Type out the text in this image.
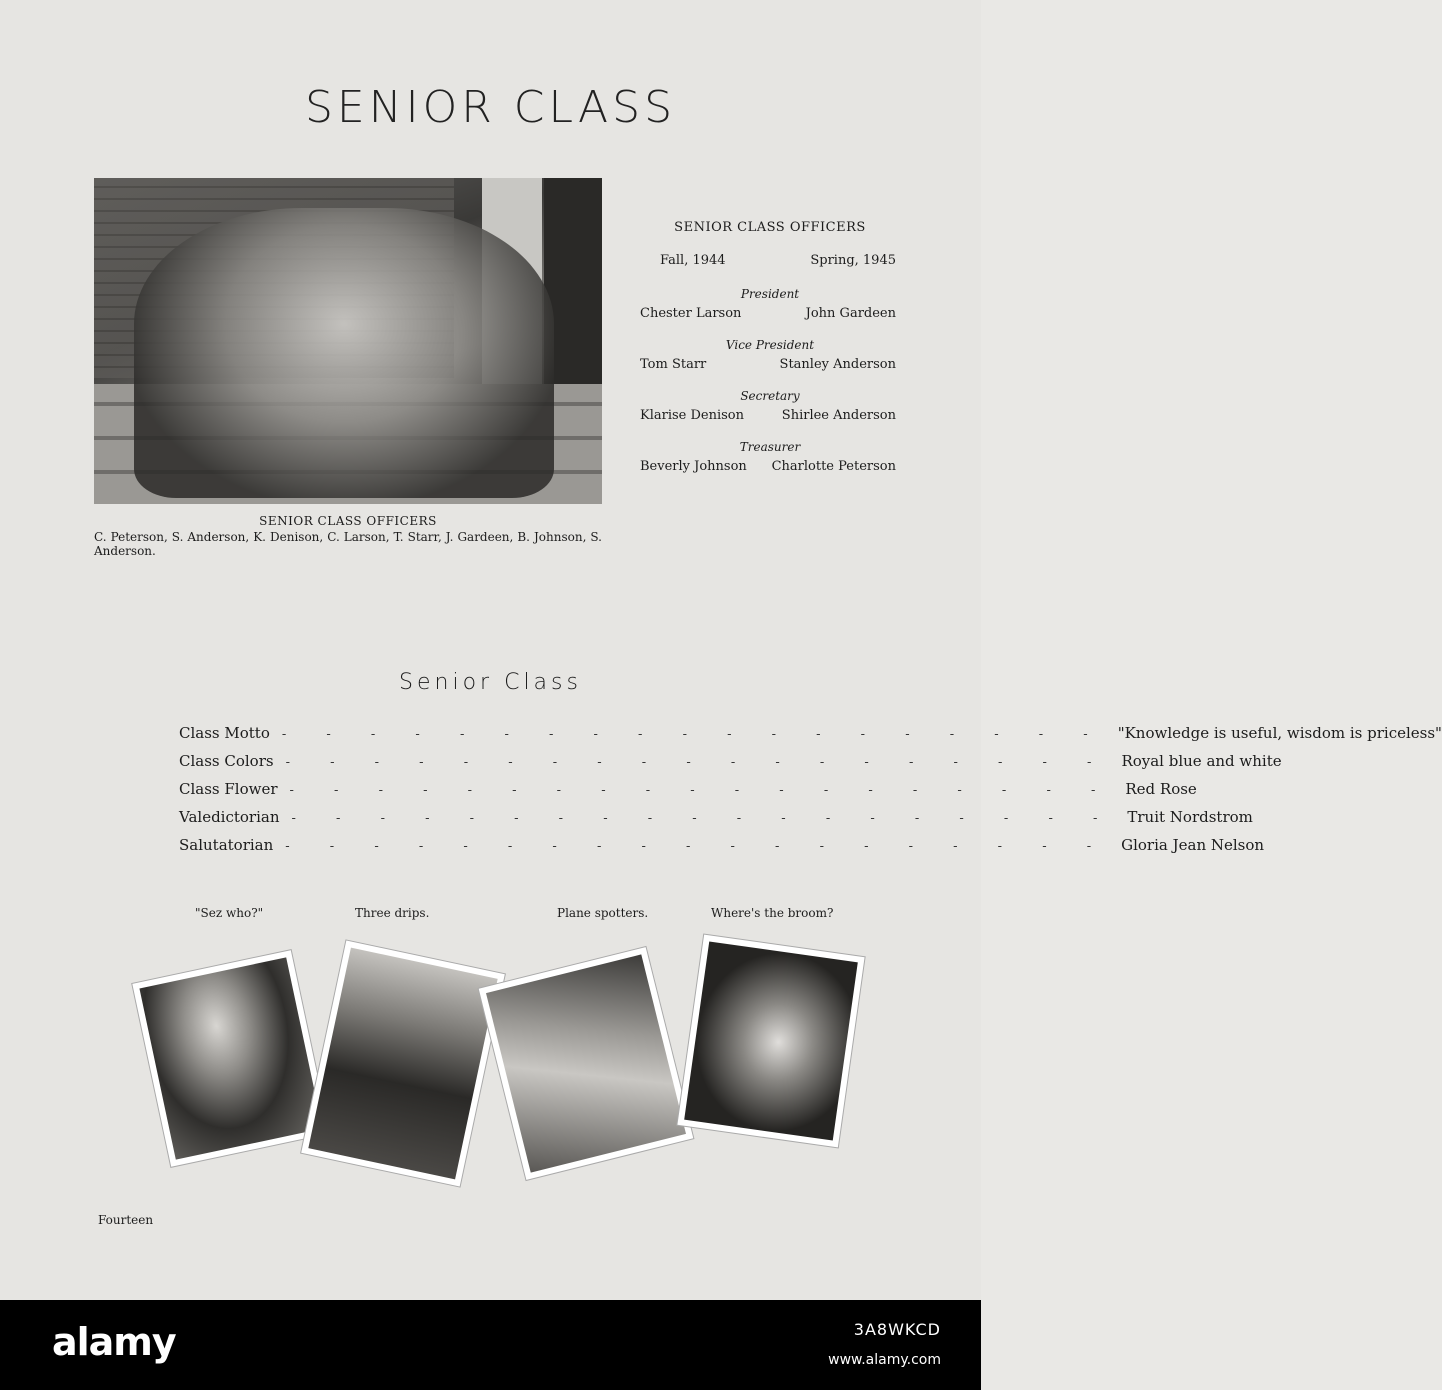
SENIOR CLASS
SENIOR CLASS OFFICERS
C. Peterson, S. Anderson, K. Denison, C. Larson, T. Starr, J. Gardeen, B. Johnson, S. Anderson.
SENIOR CLASS OFFICERS
Fall, 1944	Spring, 1945
President
Chester Larson	John Gardeen
Vice President
Tom Starr	Stanley Anderson
Secretary
Klarise Denison	Shirlee Anderson
Treasurer
Beverly Johnson Charlotte Peterson
Senior Class
Class Motto - - - - - - - - - - - - - - - - - - - "Knowledge is useful, wisdom is priceless"
Class Colors - - - - - - - - - - - - - - - - - - - Royal blue and white
Class Flower - - - - - - - - - - - - - - - - - - - Red Rose
Valedictorian - - - - - - - - - - - - - - - - - - - Truit Nordstrom
Salutatorian - - - - - - - - - - - - - - - - - - - Gloria Jean Nelson
"Sez who?"	Three drips.	Plane spotters.	Where's the broom?
Fourteen
alamy	3A8WKCD
www.alamy.com
